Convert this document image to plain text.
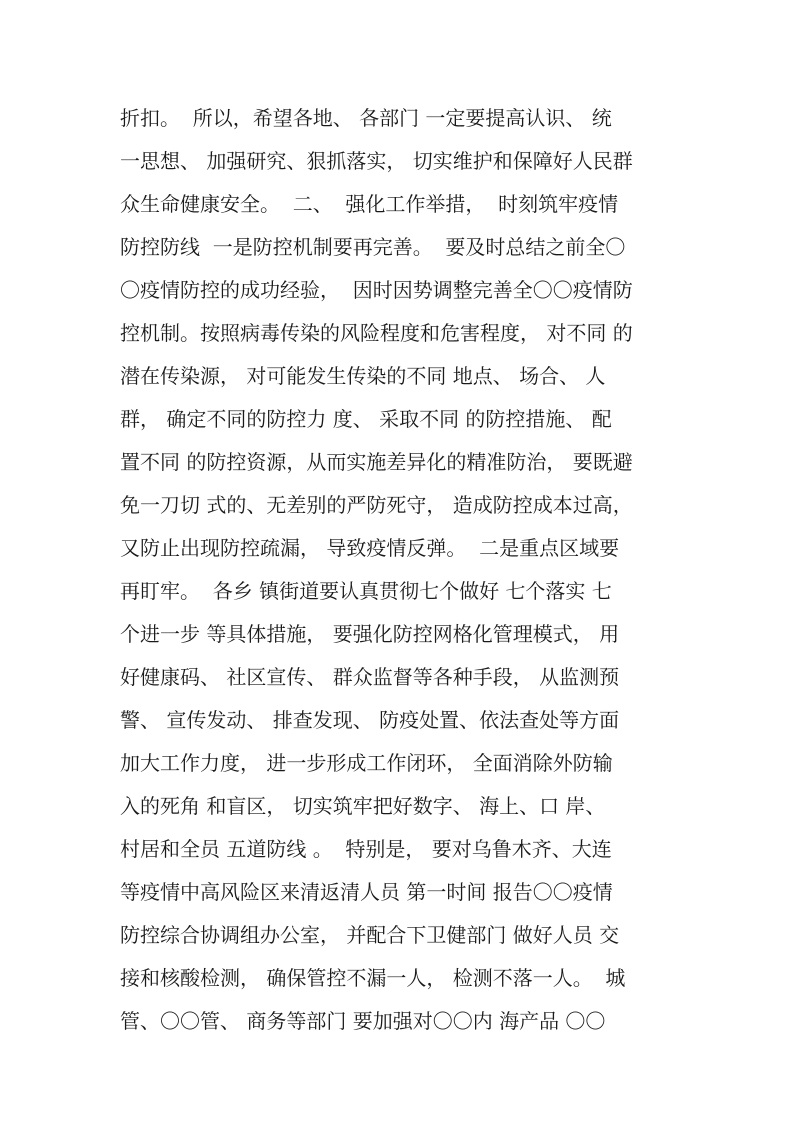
折扣。  所以，希望各地、 各部门 一定要提高认识、 统
一思想、 加强研究、狠抓落实， 切实维护和保障好人民群
众生命健康安全。  二、  强化工作举措，  时刻筑牢疫情
防控防线  一是防控机制要再完善。  要及时总结之前全〇
〇疫情防控的成功经验，  因时因势调整完善全〇〇疫情防
控机制。按照病毒传染的风险程度和危害程度， 对不同 的
潜在传染源， 对可能发生传染的不同 地点、 场合、 人
群， 确定不同的防控力 度、 采取不同 的防控措施、 配
置不同 的防控资源，从而实施差异化的精准防治， 要既避
免一刀切 式的、无差别的严防死守， 造成防控成本过高，
又防止出现防控疏漏， 导致疫情反弹。  二是重点区域要
再盯牢。  各乡 镇街道要认真贯彻七个做好 七个落实 七
个进一步 等具体措施， 要强化防控网格化管理模式， 用
好健康码、 社区宣传、 群众监督等各种手段， 从监测预
警、 宣传发动、 排查发现、 防疫处置、依法查处等方面
加大工作力度， 进一步形成工作闭环， 全面消除外防输
入的死角 和盲区， 切实筑牢把好数字、 海上、口 岸、
村居和全员 五道防线 。  特别是， 要对乌鲁木齐、大连
等疫情中高风险区来清返清人员 第一时间 报告〇〇疫情
防控综合协调组办公室， 并配合下卫健部门 做好人员 交
接和核酸检测， 确保管控不漏一人， 检测不落一人。  城
管、〇〇管、 商务等部门 要加强对〇〇内 海产品 〇〇
